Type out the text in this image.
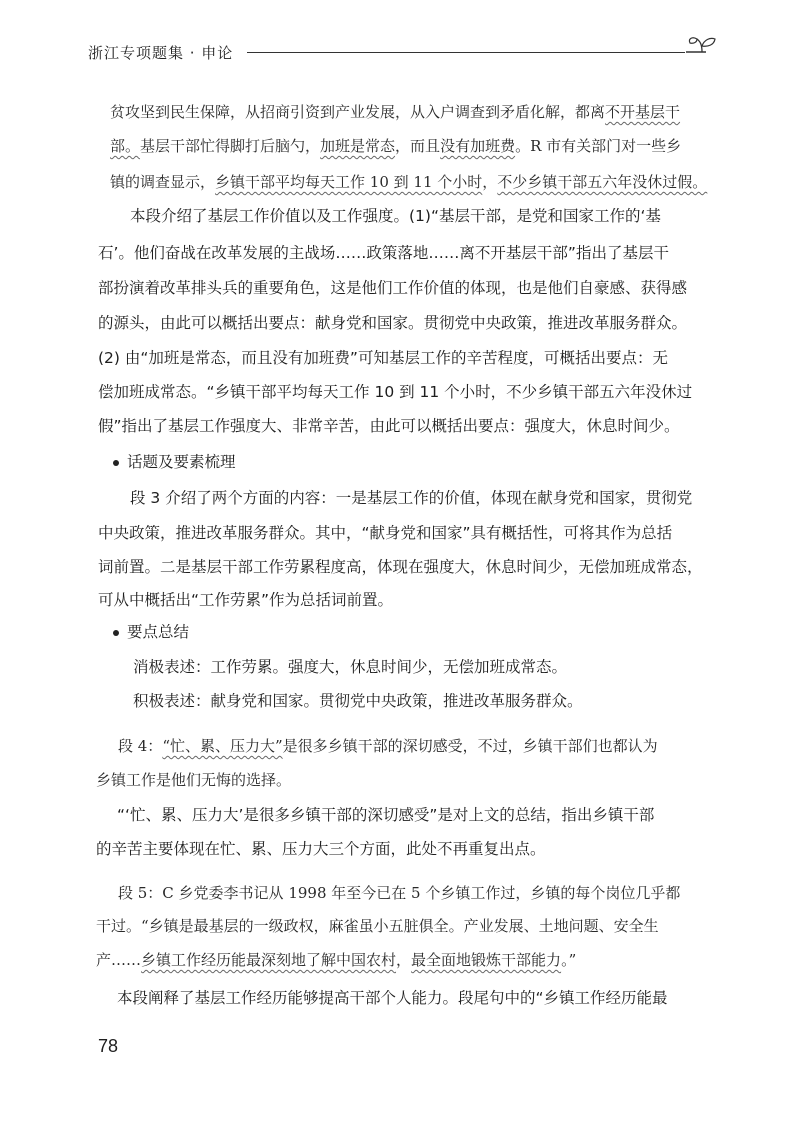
浙江专项题集 · 申论
贫攻坚到民生保障，从招商引资到产业发展，从入户调查到矛盾化解，都离不开基层干
部。基层干部忙得脚打后脑勺，加班是常态，而且没有加班费。R 市有关部门对一些乡
镇的调查显示，乡镇干部平均每天工作 10 到 11 个小时，不少乡镇干部五六年没休过假。
本段介绍了基层工作价值以及工作强度。(1)“基层干部，是党和国家工作的‘基
石’。他们奋战在改革发展的主战场……政策落地……离不开基层干部”指出了基层干
部扮演着改革排头兵的重要角色，这是他们工作价值的体现，也是他们自豪感、获得感
的源头，由此可以概括出要点：献身党和国家。贯彻党中央政策，推进改革服务群众。
(2) 由“加班是常态，而且没有加班费”可知基层工作的辛苦程度，可概括出要点：无
偿加班成常态。“乡镇干部平均每天工作 10 到 11 个小时，不少乡镇干部五六年没休过
假”指出了基层工作强度大、非常辛苦，由此可以概括出要点：强度大，休息时间少。
话题及要素梳理
段 3 介绍了两个方面的内容：一是基层工作的价值，体现在献身党和国家，贯彻党
中央政策，推进改革服务群众。其中，“献身党和国家”具有概括性，可将其作为总括
词前置。二是基层干部工作劳累程度高，体现在强度大，休息时间少，无偿加班成常态，
可从中概括出“工作劳累”作为总括词前置。
要点总结
消极表述：工作劳累。强度大，休息时间少，无偿加班成常态。
积极表述：献身党和国家。贯彻党中央政策，推进改革服务群众。
段 4：“忙、累、压力大”是很多乡镇干部的深切感受，不过，乡镇干部们也都认为
乡镇工作是他们无悔的选择。
“‘忙、累、压力大’是很多乡镇干部的深切感受”是对上文的总结，指出乡镇干部
的辛苦主要体现在忙、累、压力大三个方面，此处不再重复出点。
段 5：C 乡党委李书记从 1998 年至今已在 5 个乡镇工作过，乡镇的每个岗位几乎都
干过。“乡镇是最基层的一级政权，麻雀虽小五脏俱全。产业发展、土地问题、安全生
产……乡镇工作经历能最深刻地了解中国农村，最全面地锻炼干部能力。”
本段阐释了基层工作经历能够提高干部个人能力。段尾句中的“乡镇工作经历能最
78
